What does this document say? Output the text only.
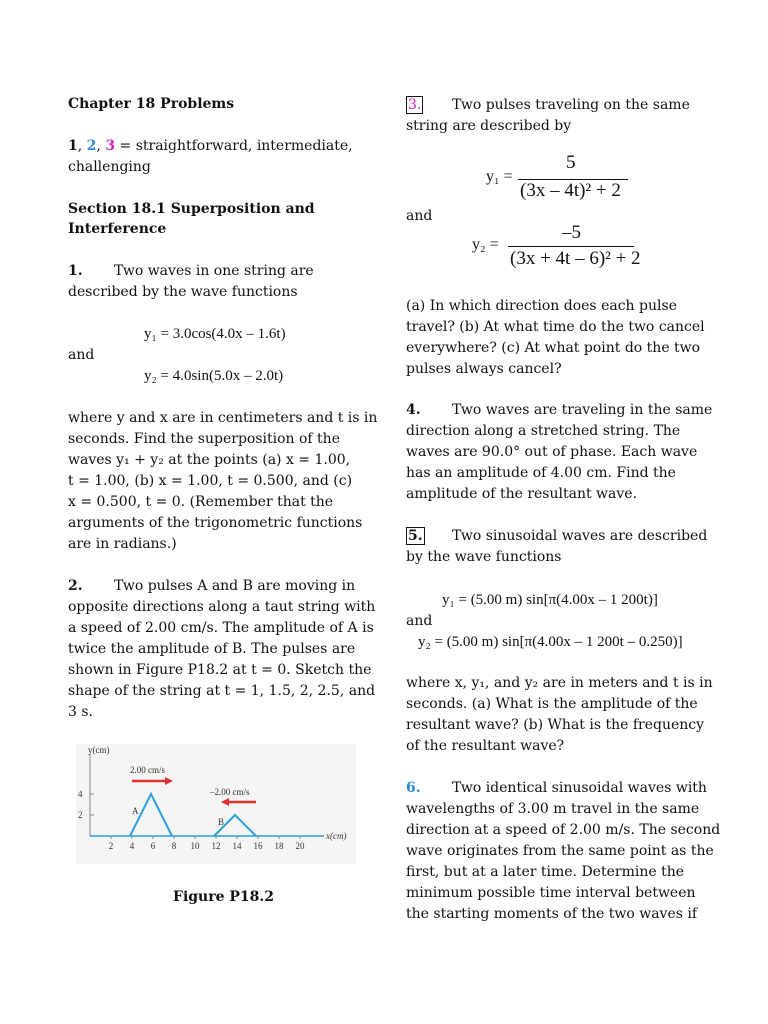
Chapter 18 Problems
1, 2, 3 = straightforward, intermediate,
challenging
Section 18.1 Superposition and
Interference
1. Two waves in one string are
described by the wave functions
y₁ = 3.0cos(4.0x – 1.6t)
and
y₂ = 4.0sin(5.0x – 2.0t)
where y and x are in centimeters and t is in
seconds. Find the superposition of the
waves y₁ + y₂ at the points (a) x = 1.00,
t = 1.00, (b) x = 1.00, t = 0.500, and (c)
x = 0.500, t = 0. (Remember that the
arguments of the trigonometric functions
are in radians.)
2. Two pulses A and B are moving in
opposite directions along a taut string with
a speed of 2.00 cm/s. The amplitude of A is
twice the amplitude of B. The pulses are
shown in Figure P18.2 at t = 0. Sketch the
shape of the string at t = 1, 1.5, 2, 2.5, and
3 s.
y(cm)
x(cm)
4
2
2 4 6 8 10 12 14 16 18 20
A
B
2.00 cm/s
–2.00 cm/s
Figure P18.2
3. Two pulses traveling on the same
string are described by
y₁ =
5
(3x – 4t)² + 2
and
y₂ =
–5
(3x + 4t – 6)² + 2
(a) In which direction does each pulse
travel? (b) At what time do the two cancel
everywhere? (c) At what point do the two
pulses always cancel?
4. Two waves are traveling in the same
direction along a stretched string. The
waves are 90.0° out of phase. Each wave
has an amplitude of 4.00 cm. Find the
amplitude of the resultant wave.
5. Two sinusoidal waves are described
by the wave functions
y₁ = (5.00 m) sin[π(4.00x – 1 200t)]
and
y₂ = (5.00 m) sin[π(4.00x – 1 200t – 0.250)]
where x, y₁, and y₂ are in meters and t is in
seconds. (a) What is the amplitude of the
resultant wave? (b) What is the frequency
of the resultant wave?
6. Two identical sinusoidal waves with
wavelengths of 3.00 m travel in the same
direction at a speed of 2.00 m/s. The second
wave originates from the same point as the
first, but at a later time. Determine the
minimum possible time interval between
the starting moments of the two waves if
